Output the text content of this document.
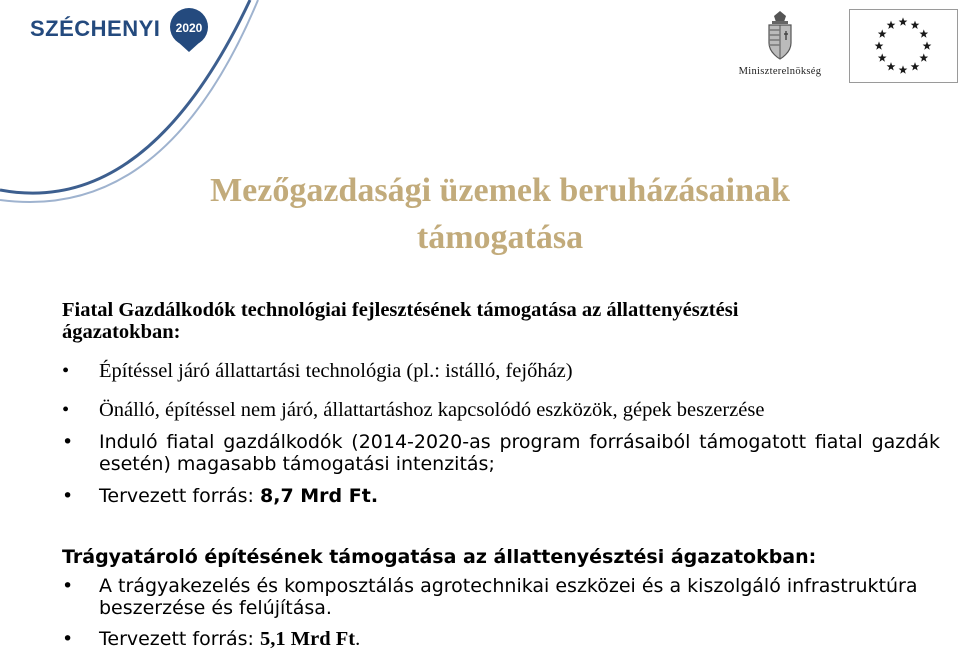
SZÉCHENYI 2020
Miniszterelnökség
Mezőgazdasági üzemek beruházásainak
támogatása
Fiatal Gazdálkodók technológiai fejlesztésének támogatása az állattenyésztési
ágazatokban:
• Építéssel járó állattartási technológia (pl.: istálló, fejőház)
• Önálló, építéssel nem járó, állattartáshoz kapcsolódó eszközök, gépek beszerzése
• Induló fiatal gazdálkodók (2014-2020-as program forrásaiból támogatott fiatal gazdák esetén) magasabb támogatási intenzitás;
• Tervezett forrás: 8,7 Mrd Ft.
Trágyatároló építésének támogatása az állattenyésztési ágazatokban:
• A trágyakezelés és komposztálás agrotechnikai eszközei és a kiszolgáló infrastruktúra beszerzése és felújítása.
• Tervezett forrás: 5,1 Mrd Ft.
